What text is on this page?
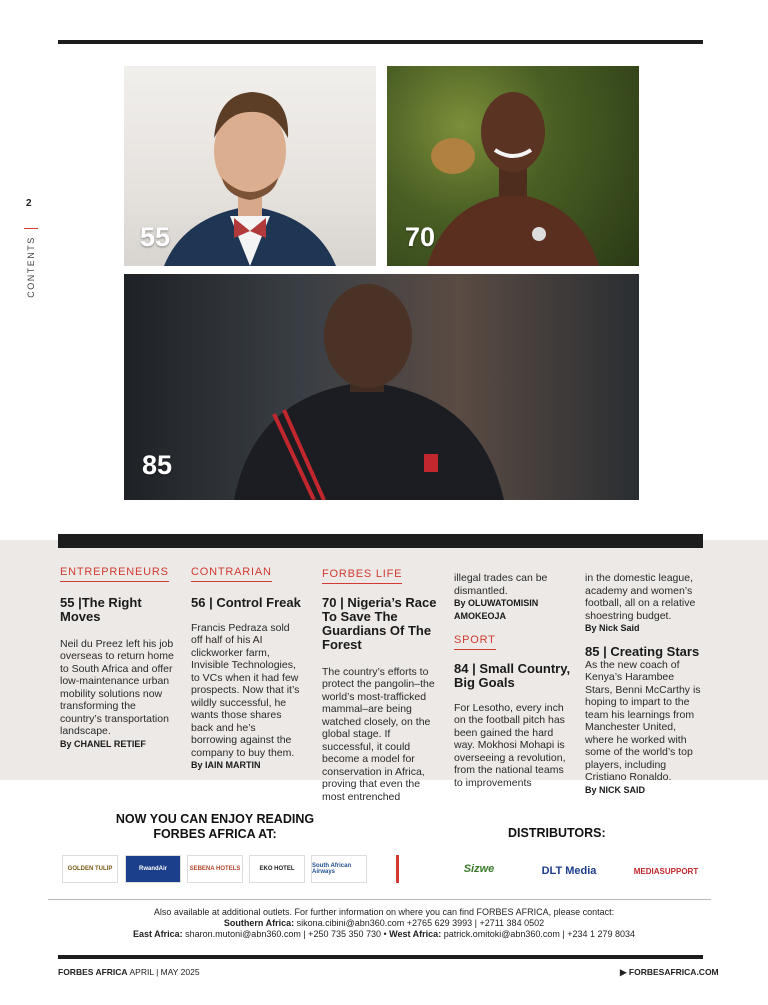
2
CONTENTS	55	70
85
ENTREPRENEURS
55 |The Right Moves
Neil du Preez left his job overseas to return home to South Africa and offer low-maintenance urban mobility solutions now transforming the country’s transportation landscape.
By CHANEL RETIEF
CONTRARIAN
56 | Control Freak
Francis Pedraza sold off half of his AI clickworker farm, Invisible Technologies, to VCs when it had few prospects. Now that it’s wildly successful, he wants those shares back and he’s borrowing against the company to buy them.
By IAIN MARTIN
FORBES LIFE
70 | Nigeria’s Race To Save The Guardians Of The Forest
The country’s efforts to protect the pangolin–the world’s most-trafficked mammal–are being watched closely, on the global stage. If successful, it could become a model for conservation in Africa, proving that even the most entrenched
illegal trades can be dismantled.
By OLUWATOMISIN AMOKEOJA
SPORT
84 | Small Country, Big Goals
For Lesotho, every inch on the football pitch has been gained the hard way. Mokhosi Mohapi is overseeing a revolution, from the national teams to improvements
in the domestic league, academy and women’s football, all on a relative shoestring budget.
By Nick Said
85 | Creating Stars
As the new coach of Kenya’s Harambee Stars, Benni McCarthy is hoping to impart to the team his learnings from Manchester United, where he worked with some of the world’s top players, including Cristiano Ronaldo.
By NICK SAID
NOW YOU CAN ENJOY READING
FORBES AFRICA AT:	DISTRIBUTORS:
GOLDEN TULIP	RwandAir	SEBENA HOTELS	EKO HOTEL	South African Airways	Sizwe	DLT Media	MEDIASUPPORT
Also available at additional outlets. For further information on where you can find FORBES AFRICA, please contact:
Southern Africa: sikona.cibini@abn360.com +2765 629 3993 | +2711 384 0502
East Africa: sharon.mutoni@abn360.com | +250 735 350 730 • West Africa: patrick.omitoki@abn360.com | +234 1 279 8034
FORBES AFRICA APRIL | MAY 2025	▶ FORBESAFRICA.COM
